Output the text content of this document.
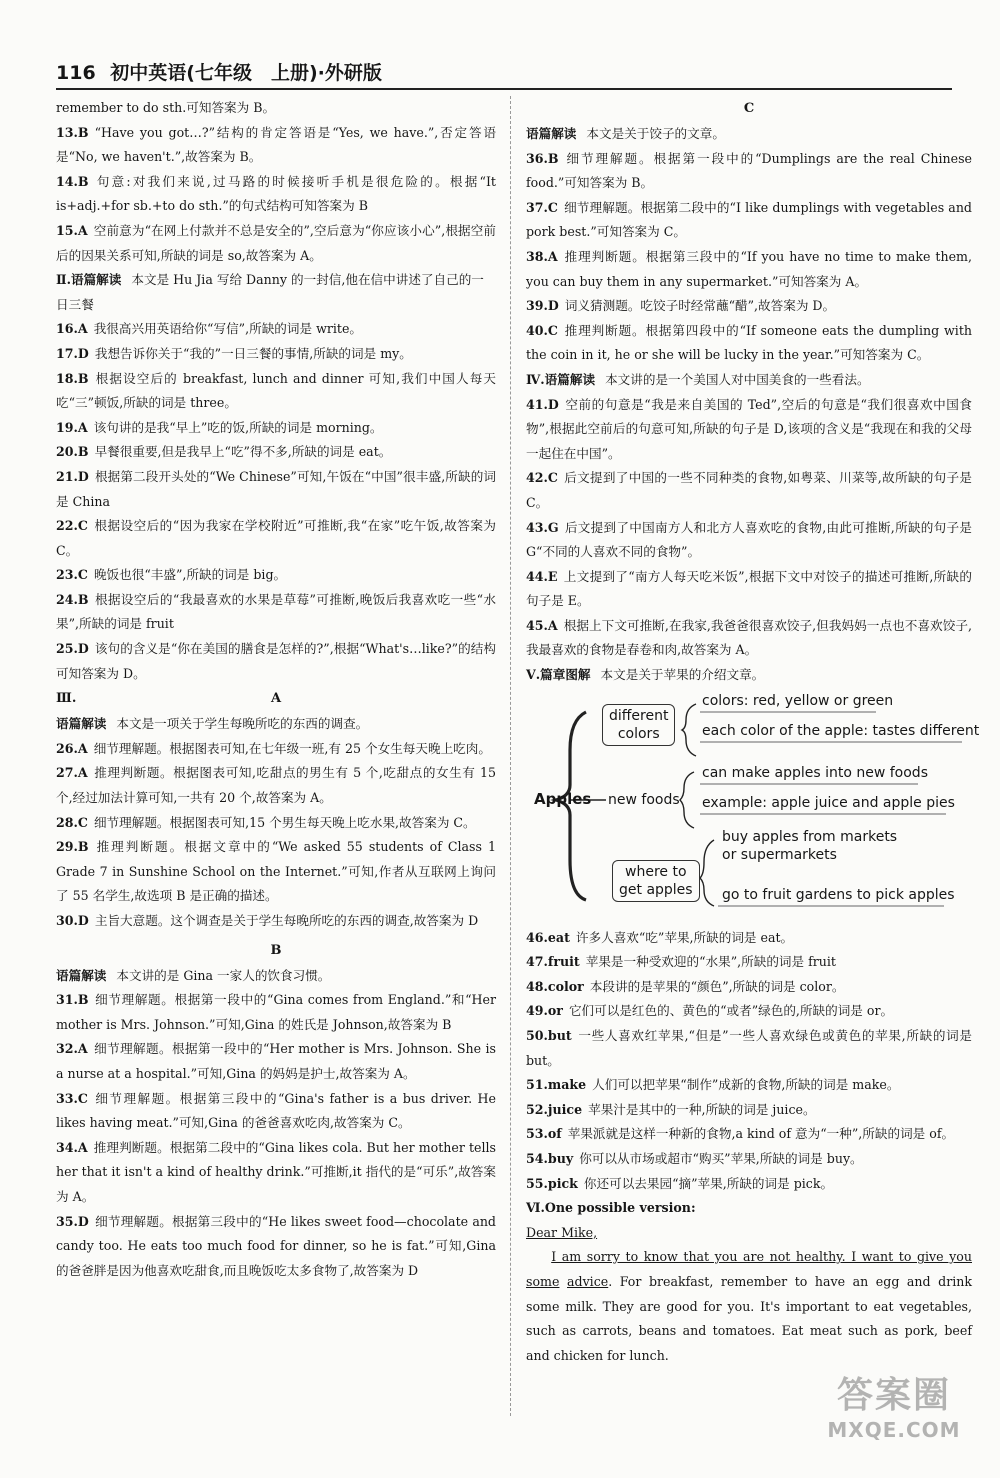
116 初中英语(七年级　上册)·外研版
remember to do sth.可知答案为 B。
13.B “Have you got…?”结构的肯定答语是“Yes, we have.”,否定答语是“No, we haven't.”,故答案为 B。
14.B 句意:对我们来说,过马路的时候接听手机是很危险的。根据“It is+adj.+for sb.+to do sth.”的句式结构可知答案为 B
15.A 空前意为“在网上付款并不总是安全的”,空后意为“你应该小心”,根据空前后的因果关系可知,所缺的词是 so,故答案为 A。
Ⅱ.语篇解读 本文是 Hu Jia 写给 Danny 的一封信,他在信中讲述了自己的一日三餐
16.A 我很高兴用英语给你“写信”,所缺的词是 write。
17.D 我想告诉你关于“我的”一日三餐的事情,所缺的词是 my。
18.B 根据设空后的 breakfast, lunch and dinner 可知,我们中国人每天吃“三”顿饭,所缺的词是 three。
19.A 该句讲的是我“早上”吃的饭,所缺的词是 morning。
20.B 早餐很重要,但是我早上“吃”得不多,所缺的词是 eat。
21.D 根据第二段开头处的“We Chinese”可知,午饭在“中国”很丰盛,所缺的词是 China
22.C 根据设空后的“因为我家在学校附近”可推断,我“在家”吃午饭,故答案为 C。
23.C 晚饭也很“丰盛”,所缺的词是 big。
24.B 根据设空后的“我最喜欢的水果是草莓”可推断,晚饭后我喜欢吃一些“水果”,所缺的词是 fruit
25.D 该句的含义是“你在美国的膳食是怎样的?”,根据“What's…like?”的结构可知答案为 D。
Ⅲ.	A
语篇解读 本文是一项关于学生每晚所吃的东西的调查。
26.A 细节理解题。根据图表可知,在七年级一班,有 25 个女生每天晚上吃肉。
27.A 推理判断题。根据图表可知,吃甜点的男生有 5 个,吃甜点的女生有 15 个,经过加法计算可知,一共有 20 个,故答案为 A。
28.C 细节理解题。根据图表可知,15 个男生每天晚上吃水果,故答案为 C。
29.B 推理判断题。根据文章中的“We asked 55 students of Class 1 Grade 7 in Sunshine School on the Internet.”可知,作者从互联网上询问了 55 名学生,故选项 B 是正确的描述。
30.D 主旨大意题。这个调查是关于学生每晚所吃的东西的调查,故答案为 D
B
语篇解读 本文讲的是 Gina 一家人的饮食习惯。
31.B 细节理解题。根据第一段中的“Gina comes from England.”和“Her mother is Mrs. Johnson.”可知,Gina 的姓氏是 Johnson,故答案为 B
32.A 细节理解题。根据第一段中的“Her mother is Mrs. Johnson. She is a nurse at a hospital.”可知,Gina 的妈妈是护士,故答案为 A。
33.C 细节理解题。根据第三段中的“Gina's father is a bus driver. He likes having meat.”可知,Gina 的爸爸喜欢吃肉,故答案为 C。
34.A 推理判断题。根据第二段中的“Gina likes cola. But her mother tells her that it isn't a kind of healthy drink.”可推断,it 指代的是“可乐”,故答案为 A。
35.D 细节理解题。根据第三段中的“He likes sweet food—chocolate and candy too. He eats too much food for dinner, so he is fat.”可知,Gina 的爸爸胖是因为他喜欢吃甜食,而且晚饭吃太多食物了,故答案为 D
C
语篇解读 本文是关于饺子的文章。
36.B 细节理解题。根据第一段中的“Dumplings are the real Chinese food.”可知答案为 B。
37.C 细节理解题。根据第二段中的“I like dumplings with vegetables and pork best.”可知答案为 C。
38.A 推理判断题。根据第三段中的“If you have no time to make them, you can buy them in any supermarket.”可知答案为 A。
39.D 词义猜测题。吃饺子时经常蘸“醋”,故答案为 D。
40.C 推理判断题。根据第四段中的“If someone eats the dumpling with the coin in it, he or she will be lucky in the year.”可知答案为 C。
Ⅳ.语篇解读 本文讲的是一个美国人对中国美食的一些看法。
41.D 空前的句意是“我是来自美国的 Ted”,空后的句意是“我们很喜欢中国食物”,根据此空前后的句意可知,所缺的句子是 D,该项的含义是“我现在和我的父母一起住在中国”。
42.C 后文提到了中国的一些不同种类的食物,如粤菜、川菜等,故所缺的句子是 C。
43.G 后文提到了中国南方人和北方人喜欢吃的食物,由此可推断,所缺的句子是 G“不同的人喜欢不同的食物”。
44.E 上文提到了“南方人每天吃米饭”,根据下文中对饺子的描述可推断,所缺的句子是 E。
45.A 根据上下文可推断,在我家,我爸爸很喜欢饺子,但我妈妈一点也不喜欢饺子,我最喜欢的食物是春卷和肉,故答案为 A。
Ⅴ.篇章图解 本文是关于苹果的介绍文章。
Apples
different
colors
colors: red, yellow or green
each color of the apple: tastes different
new foods
can make apples into new foods
example: apple juice and apple pies
where to
get apples
buy apples from markets
or supermarkets
go to fruit gardens to pick apples
46.eat 许多人喜欢“吃”苹果,所缺的词是 eat。
47.fruit 苹果是一种受欢迎的“水果”,所缺的词是 fruit
48.color 本段讲的是苹果的“颜色”,所缺的词是 color。
49.or 它们可以是红色的、黄色的“或者”绿色的,所缺的词是 or。
50.but 一些人喜欢红苹果,“但是”一些人喜欢绿色或黄色的苹果,所缺的词是 but。
51.make 人们可以把苹果“制作”成新的食物,所缺的词是 make。
52.juice 苹果汁是其中的一种,所缺的词是 juice。
53.of 苹果派就是这样一种新的食物,a kind of 意为“一种”,所缺的词是 of。
54.buy 你可以从市场或超市“购买”苹果,所缺的词是 buy。
55.pick 你还可以去果园“摘”苹果,所缺的词是 pick。
Ⅵ.One possible version:
Dear Mike,
I am sorry to know that you are not healthy. I want to give you some advice. For breakfast, remember to have an egg and drink some milk. They are good for you. It's important to eat vegetables, such as carrots, beans and tomatoes. Eat meat such as pork, beef and chicken for lunch.
答案圈
MXQE.COM
